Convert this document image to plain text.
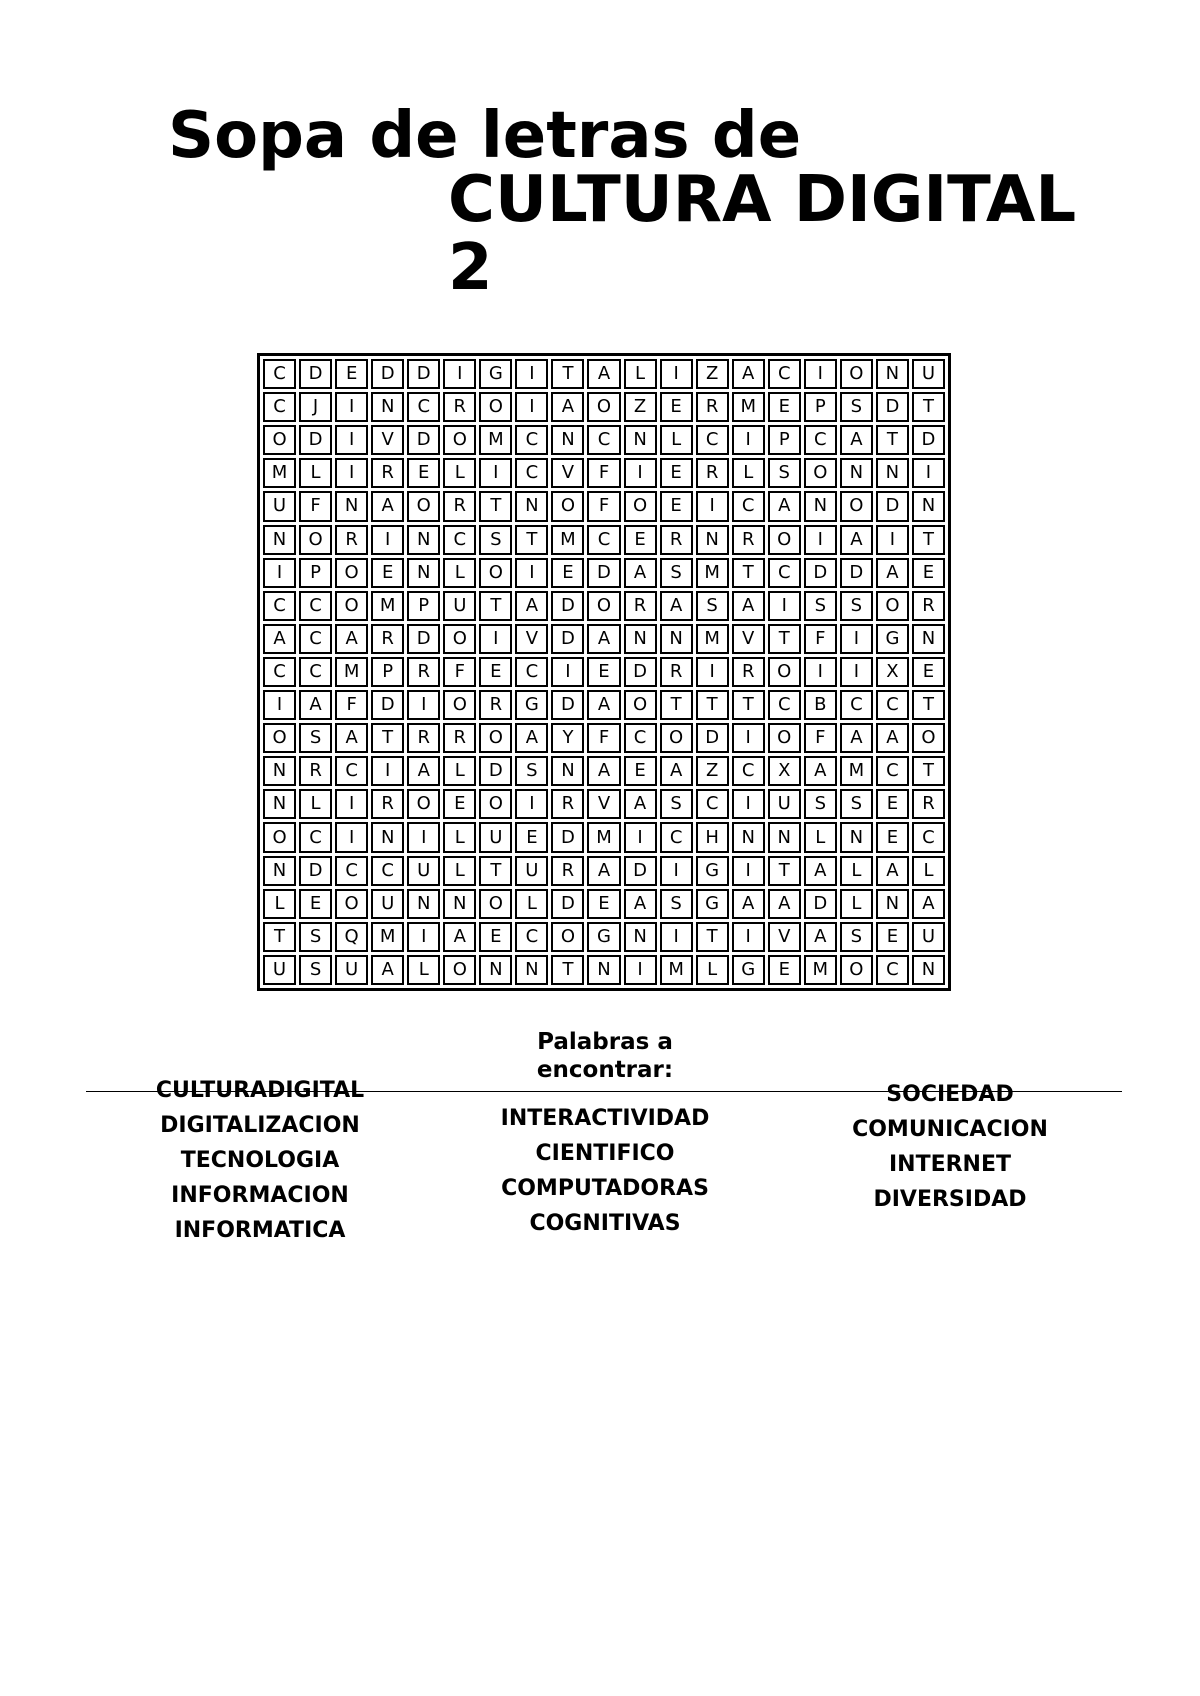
Sopa de letras de
CULTURA DIGITAL
2
C	D	E	D	D	I	G	I	T	A	L	I	Z	A	C	I	O	N	U
C	J	I	N	C	R	O	I	A	O	Z	E	R	M	E	P	S	D	T
O	D	I	V	D	O	M	C	N	C	N	L	C	I	P	C	A	T	D
M	L	I	R	E	L	I	C	V	F	I	E	R	L	S	O	N	N	I
U	F	N	A	O	R	T	N	O	F	O	E	I	C	A	N	O	D	N
N	O	R	I	N	C	S	T	M	C	E	R	N	R	O	I	A	I	T
I	P	O	E	N	L	O	I	E	D	A	S	M	T	C	D	D	A	E
C	C	O	M	P	U	T	A	D	O	R	A	S	A	I	S	S	O	R
A	C	A	R	D	O	I	V	D	A	N	N	M	V	T	F	I	G	N
C	C	M	P	R	F	E	C	I	E	D	R	I	R	O	I	I	X	E
I	A	F	D	I	O	R	G	D	A	O	T	T	T	C	B	C	C	T
O	S	A	T	R	R	O	A	Y	F	C	O	D	I	O	F	A	A	O
N	R	C	I	A	L	D	S	N	A	E	A	Z	C	X	A	M	C	T
N	L	I	R	O	E	O	I	R	V	A	S	C	I	U	S	S	E	R
O	C	I	N	I	L	U	E	D	M	I	C	H	N	N	L	N	E	C
N	D	C	C	U	L	T	U	R	A	D	I	G	I	T	A	L	A	L
L	E	O	U	N	N	O	L	D	E	A	S	G	A	A	D	L	N	A
T	S	Q	M	I	A	E	C	O	G	N	I	T	I	V	A	S	E	U
U	S	U	A	L	O	N	N	T	N	I	M	L	G	E	M	O	C	N
Palabras a encontrar:
CULTURADIGITAL DIGITALIZACION TECNOLOGIA INFORMACION INFORMATICA
INTERACTIVIDAD CIENTIFICO COMPUTADORAS COGNITIVAS
SOCIEDAD COMUNICACION INTERNET DIVERSIDAD
